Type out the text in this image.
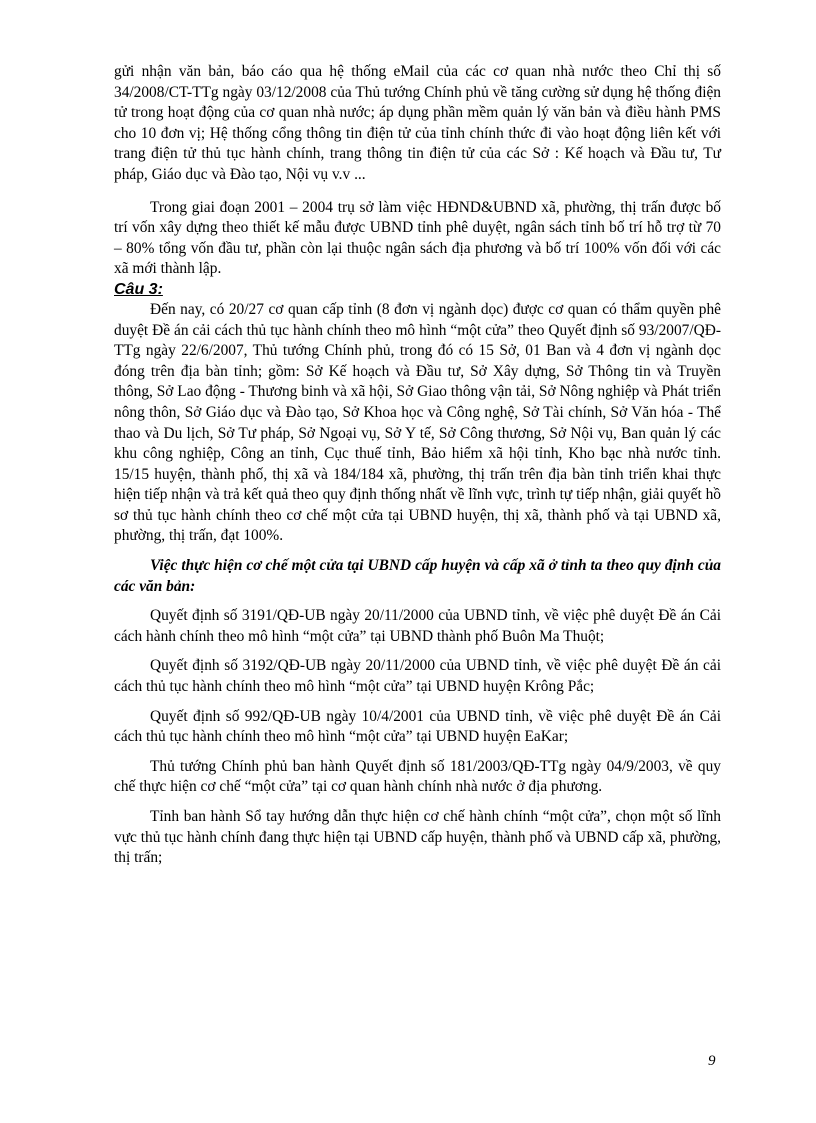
gửi nhận văn bản, báo cáo qua hệ thống eMail của các cơ quan nhà nước theo Chỉ thị số 34/2008/CT-TTg ngày 03/12/2008 của Thủ tướng Chính phủ về tăng cường sử dụng hệ thống điện tử trong hoạt động của cơ quan nhà nước; áp dụng phần mềm quản lý văn bản và điều hành PMS cho 10 đơn vị; Hệ thống cổng thông tin điện tử của tỉnh chính thức đi vào hoạt động liên kết với trang điện tử thủ tục hành chính, trang thông tin điện tử của các Sở : Kế hoạch và Đầu tư, Tư pháp, Giáo dục và Đào tạo, Nội vụ v.v ...

Trong giai đoạn 2001 – 2004 trụ sở làm việc HĐND&UBND xã, phường, thị trấn được bố trí vốn xây dựng theo thiết kế mẫu được UBND tỉnh phê duyệt, ngân sách tỉnh bố trí hỗ trợ từ 70 – 80% tổng vốn đầu tư, phần còn lại thuộc ngân sách địa phương và bố trí 100% vốn đối với các xã mới thành lập.

Câu 3:

Đến nay, có 20/27 cơ quan cấp tỉnh (8 đơn vị ngành dọc) được cơ quan có thẩm quyền phê duyệt Đề án cải cách thủ tục hành chính theo mô hình “một cửa” theo Quyết định số 93/2007/QĐ-TTg ngày 22/6/2007, Thủ tướng Chính phủ, trong đó có 15 Sở, 01 Ban và 4 đơn vị ngành dọc đóng trên địa bàn tỉnh; gồm: Sở Kế hoạch và Đầu tư, Sở Xây dựng, Sở Thông tin và Truyền thông, Sở Lao động - Thương binh và xã hội, Sở Giao thông vận tải, Sở Nông nghiệp và Phát triển nông thôn, Sở Giáo dục và Đào tạo, Sở Khoa học và Công nghệ, Sở Tài chính, Sở Văn hóa - Thể thao và Du lịch, Sở Tư pháp, Sở Ngoại vụ, Sở Y tế, Sở Công thương, Sở Nội vụ, Ban quản lý các khu công nghiệp, Công an tỉnh, Cục thuế tỉnh, Bảo hiểm xã hội tỉnh, Kho bạc nhà nước tỉnh. 15/15 huyện, thành phố, thị xã và 184/184 xã, phường, thị trấn trên địa bàn tỉnh triển khai thực hiện tiếp nhận và trả kết quả theo quy định thống nhất về lĩnh vực, trình tự tiếp nhận, giải quyết hồ sơ thủ tục hành chính theo cơ chế một cửa tại UBND huyện, thị xã, thành phố và tại UBND xã, phường, thị trấn, đạt 100%.

Việc thực hiện cơ chế một cửa tại UBND cấp huyện và cấp xã ở tỉnh ta theo quy định của các văn bản:

Quyết định số 3191/QĐ-UB ngày 20/11/2000 của UBND tỉnh, về việc phê duyệt Đề án Cải cách hành chính theo mô hình “một cửa” tại UBND thành phố Buôn Ma Thuột;

Quyết định số 3192/QĐ-UB ngày 20/11/2000 của UBND tỉnh, về việc phê duyệt Đề án cải cách thủ tục hành chính theo mô hình “một cửa” tại UBND huyện Krông Pắc;

Quyết định số 992/QĐ-UB ngày 10/4/2001 của UBND tỉnh, về việc phê duyệt Đề án Cải cách thủ tục hành chính theo mô hình “một cửa” tại UBND huyện EaKar;

Thủ tướng Chính phủ ban hành Quyết định số 181/2003/QĐ-TTg ngày 04/9/2003, về quy chế thực hiện cơ chế “một cửa” tại cơ quan hành chính nhà nước ở địa phương.

Tỉnh ban hành Sổ tay hướng dẫn thực hiện cơ chế hành chính “một cửa”, chọn một số lĩnh vực thủ tục hành chính đang thực hiện tại UBND cấp huyện, thành phố và UBND cấp xã, phường, thị trấn;

9
